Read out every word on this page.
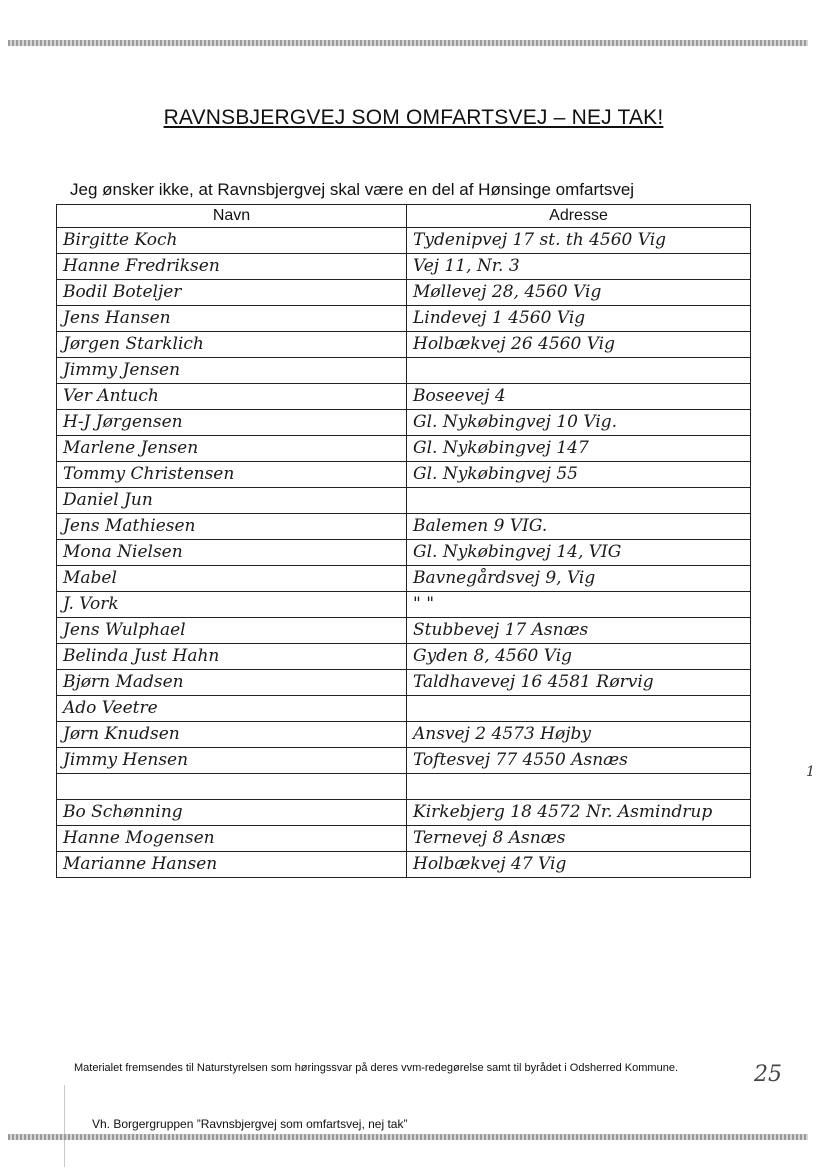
RAVNSBJERGVEJ SOM OMFARTSVEJ – NEJ TAK!
Jeg ønsker ikke, at Ravnsbjergvej skal være en del af Hønsinge omfartsvej
Navn	Adresse
Birgitte Koch	Tydenipvej 17 st. th 4560 Vig
Hanne Fredriksen	Vej 11, Nr. 3
Bodil Boteljer	Møllevej 28, 4560 Vig
Jens Hansen	Lindevej 1 4560 Vig
Jørgen Starklich	Holbækvej 26 4560 Vig
Jimmy Jensen	
Ver Antuch	Boseevej 4
H-J Jørgensen	Gl. Nykøbingvej 10 Vig.
Marlene Jensen	Gl. Nykøbingvej 147
Tommy Christensen	Gl. Nykøbingvej 55
Daniel Jun	
Jens Mathiesen	Balemen 9 VIG.
Mona Nielsen	Gl. Nykøbingvej 14, VIG
Mabel	Bavnegårdsvej 9, Vig
J. Vork	" "
Jens Wulphael	Stubbevej 17 Asnæs
Belinda Just Hahn	Gyden 8, 4560 Vig
Bjørn Madsen	Taldhavevej 16 4581 Rørvig
Ado Veetre	
Jørn Knudsen	Ansvej 2 4573 Højby
Jimmy Hensen	Toftesvej 77 4550 Asnæs

Bo Schønning	Kirkebjerg 18 4572 Nr. Asmindrup
Hanne Mogensen	Ternevej 8 Asnæs
Marianne Hansen	Holbækvej 47 Vig
1
Materialet fremsendes til Naturstyrelsen som høringssvar på deres vvm-redegørelse samt til byrådet i Odsherred Kommune.	25
Vh. Borgergruppen ”Ravnsbjergvej som omfartsvej, nej tak”
